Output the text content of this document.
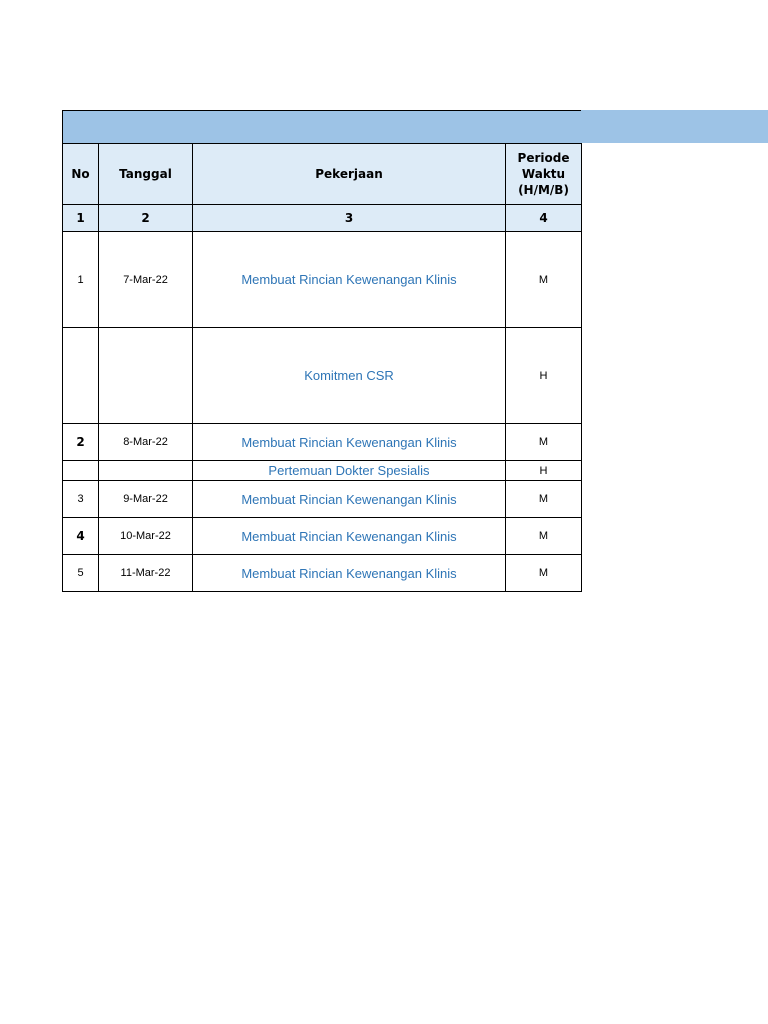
No	Tanggal	Pekerjaan	Periode Waktu (H/M/B)
1	2	3	4
1	7-Mar-22	Membuat Rincian Kewenangan Klinis	M
		Komitmen CSR	H
2	8-Mar-22	Membuat Rincian Kewenangan Klinis	M
		Pertemuan Dokter Spesialis	H
3	9-Mar-22	Membuat Rincian Kewenangan Klinis	M
4	10-Mar-22	Membuat Rincian Kewenangan Klinis	M
5	11-Mar-22	Membuat Rincian Kewenangan Klinis	M
